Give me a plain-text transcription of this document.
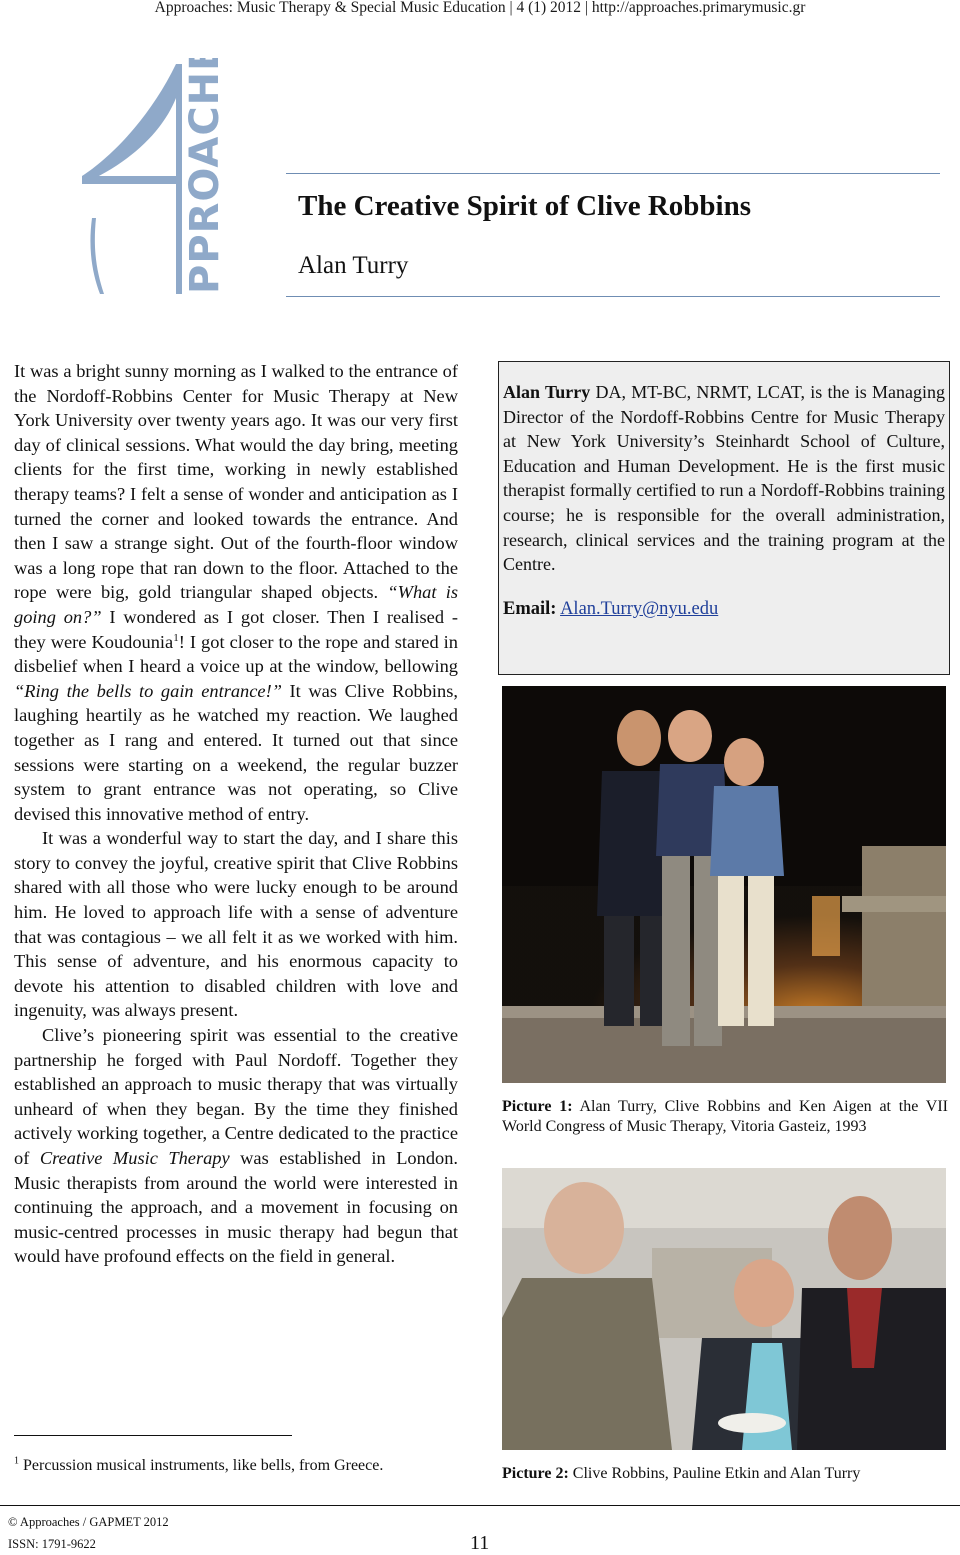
Approaches: Music Therapy & Special Music Education | 4 (1) 2012 | http://approaches.primarymusic.gr
PPROACHES The Creative Spirit of Clive Robbins
Alan Turry

It was a bright sunny morning as I walked to the entrance of the Nordoff-Robbins Center for Music Therapy at New York University over twenty years ago. It was our very first day of clinical sessions. What would the day bring, meeting clients for the first time, working in newly established therapy teams? I felt a sense of wonder and anticipation as I turned the corner and looked towards the entrance. And then I saw a strange sight. Out of the fourth-floor window was a long rope that ran down to the floor. Attached to the rope were big, gold triangular shaped objects. “What is going on?” I wondered as I got closer. Then I realised - they were Koudounia$^1$! I got closer to the rope and stared in disbelief when I heard a voice up at the window, bellowing “Ring the bells to gain entrance!” It was Clive Robbins, laughing heartily as he watched my reaction. We laughed together as I rang and entered. It turned out that since sessions were starting on a weekend, the regular buzzer system to grant entrance was not operating, so Clive devised this innovative method of entry.

It was a wonderful way to start the day, and I share this story to convey the joyful, creative spirit that Clive Robbins shared with all those who were lucky enough to be around him. He loved to approach life with a sense of adventure that was contagious – we all felt it as we worked with him. This sense of adventure, and his enormous capacity to devote his attention to disabled children with love and ingenuity, was always present.

Clive’s pioneering spirit was essential to the creative partnership he forged with Paul Nordoff. Together they established an approach to music therapy that was virtually unheard of when they began. By the time they finished actively working together, a Centre dedicated to the practice of Creative Music Therapy was established in London. Music therapists from around the world were interested in continuing the approach, and a movement in focusing on music-centred processes in music therapy had begun that would have profound effects on the field in general.

Alan Turry DA, MT-BC, NRMT, LCAT, is the is Managing Director of the Nordoff-Robbins Centre for Music Therapy at New York University’s Steinhardt School of Culture, Education and Human Development. He is the first music therapist formally certified to run a Nordoff-Robbins training course; he is responsible for the overall administration, research, clinical services and the training program at the Centre.

Email: Alan.Turry@nyu.edu

Picture 1: Alan Turry, Clive Robbins and Ken Aigen at the VII World Congress of Music Therapy, Vitoria Gasteiz, 1993
Picture 2: Clive Robbins, Pauline Etkin and Alan Turry
$^1$ Percussion musical instruments, like bells, from Greece.
© Approaches / GAPMET 2012
ISSN: 1791-9622	11
